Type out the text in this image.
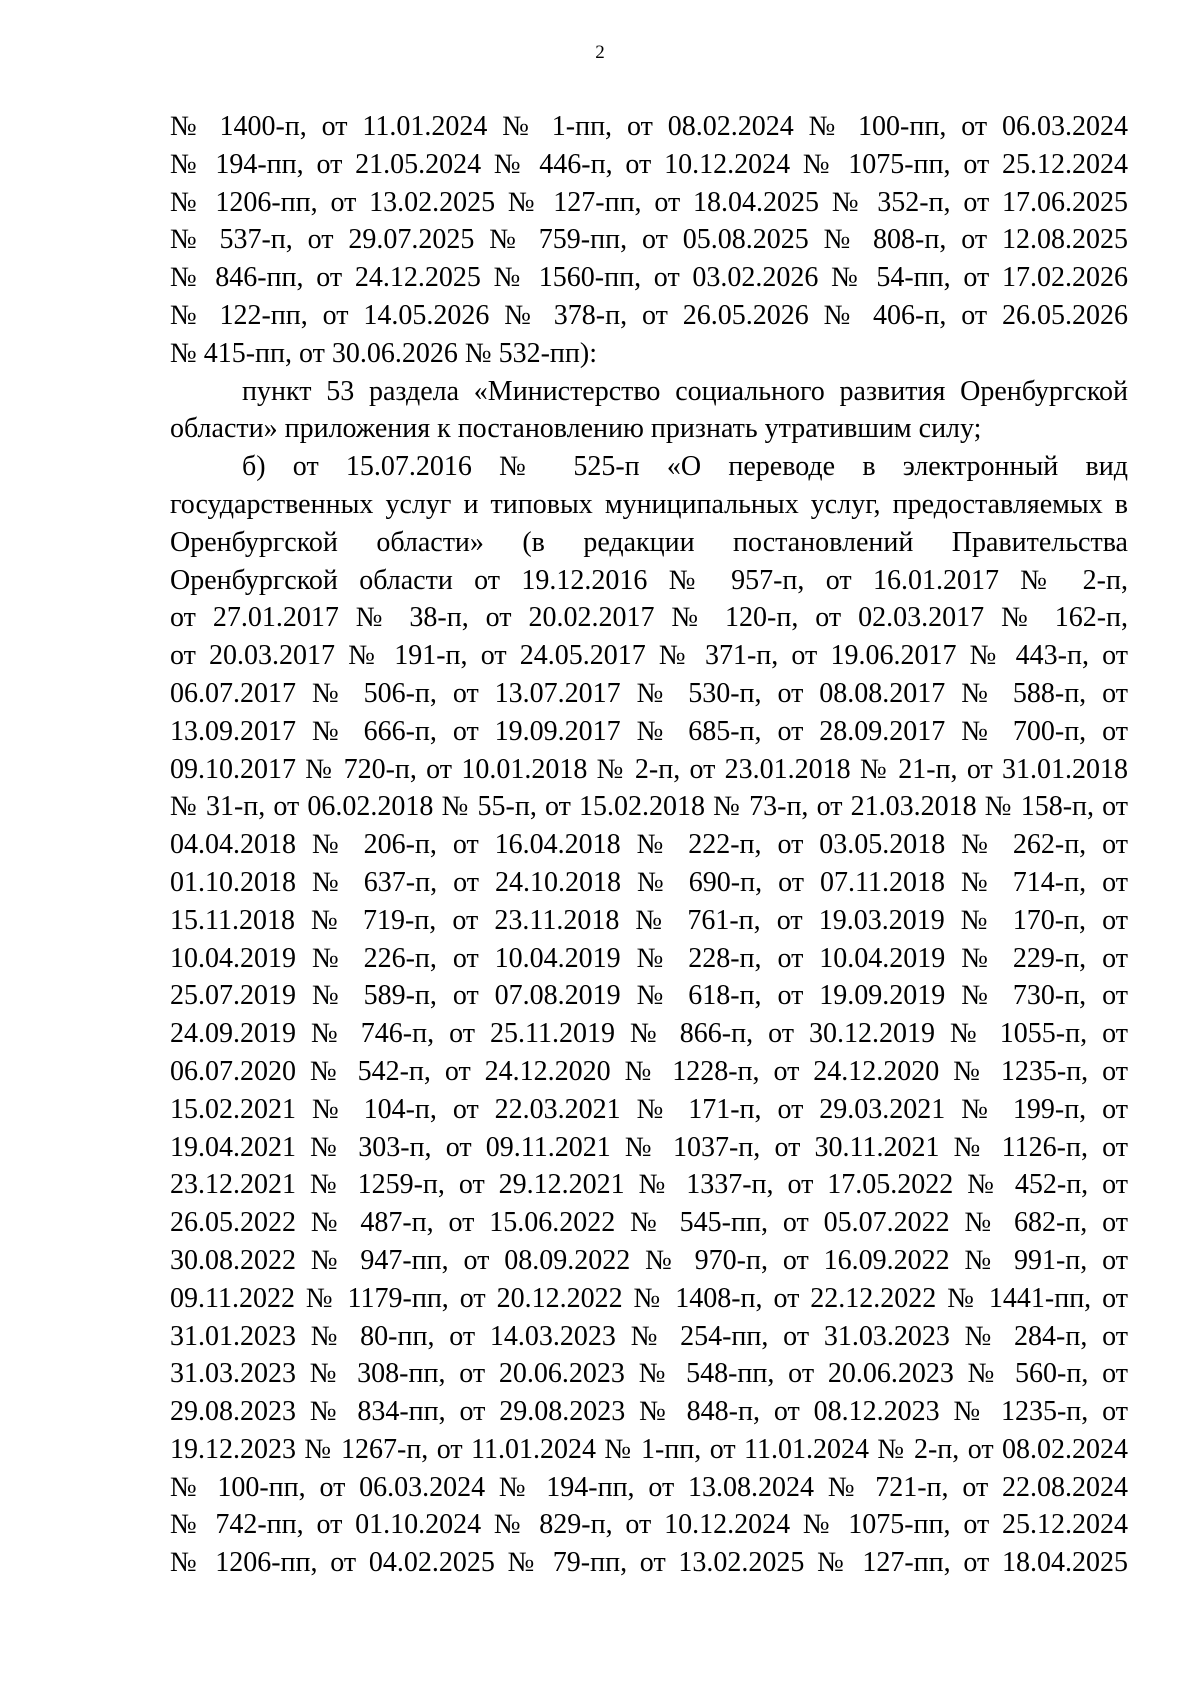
2
№ 1400-п, от 11.01.2024 № 1-пп, от 08.02.2024 № 100-пп, от 06.03.2024
№ 194-пп, от 21.05.2024 № 446-п, от 10.12.2024 № 1075-пп, от 25.12.2024
№ 1206-пп, от 13.02.2025 № 127-пп, от 18.04.2025 № 352-п, от 17.06.2025
№ 537-п, от 29.07.2025 № 759-пп, от 05.08.2025 № 808-п, от 12.08.2025
№ 846-пп, от 24.12.2025 № 1560-пп, от 03.02.2026 № 54-пп, от 17.02.2026
№ 122-пп, от 14.05.2026 № 378-п, от 26.05.2026 № 406-п, от 26.05.2026
№ 415-пп, от 30.06.2026 № 532-пп):
пункт 53 раздела «Министерство социального развития Оренбургской
области» приложения к постановлению признать утратившим силу;
б) от 15.07.2016 № 525-п «О переводе в электронный вид
государственных услуг и типовых муниципальных услуг, предоставляемых в
Оренбургской области» (в редакции постановлений Правительства
Оренбургской области от 19.12.2016 № 957-п, от 16.01.2017 № 2-п,
от 27.01.2017 № 38-п, от 20.02.2017 № 120-п, от 02.03.2017 № 162-п,
от 20.03.2017 № 191-п, от 24.05.2017 № 371-п, от 19.06.2017 № 443-п, от
06.07.2017 № 506-п, от 13.07.2017 № 530-п, от 08.08.2017 № 588-п, от
13.09.2017 № 666-п, от 19.09.2017 № 685-п, от 28.09.2017 № 700-п, от
09.10.2017 № 720-п, от 10.01.2018 № 2-п, от 23.01.2018 № 21-п, от 31.01.2018
№ 31-п, от 06.02.2018 № 55-п, от 15.02.2018 № 73-п, от 21.03.2018 № 158-п, от
04.04.2018 № 206-п, от 16.04.2018 № 222-п, от 03.05.2018 № 262-п, от
01.10.2018 № 637-п, от 24.10.2018 № 690-п, от 07.11.2018 № 714-п, от
15.11.2018 № 719-п, от 23.11.2018 № 761-п, от 19.03.2019 № 170-п, от
10.04.2019 № 226-п, от 10.04.2019 № 228-п, от 10.04.2019 № 229-п, от
25.07.2019 № 589-п, от 07.08.2019 № 618-п, от 19.09.2019 № 730-п, от
24.09.2019 № 746-п, от 25.11.2019 № 866-п, от 30.12.2019 № 1055-п, от
06.07.2020 № 542-п, от 24.12.2020 № 1228-п, от 24.12.2020 № 1235-п, от
15.02.2021 № 104-п, от 22.03.2021 № 171-п, от 29.03.2021 № 199-п, от
19.04.2021 № 303-п, от 09.11.2021 № 1037-п, от 30.11.2021 № 1126-п, от
23.12.2021 № 1259-п, от 29.12.2021 № 1337-п, от 17.05.2022 № 452-п, от
26.05.2022 № 487-п, от 15.06.2022 № 545-пп, от 05.07.2022 № 682-п, от
30.08.2022 № 947-пп, от 08.09.2022 № 970-п, от 16.09.2022 № 991-п, от
09.11.2022 № 1179-пп, от 20.12.2022 № 1408-п, от 22.12.2022 № 1441-пп, от
31.01.2023 № 80-пп, от 14.03.2023 № 254-пп, от 31.03.2023 № 284-п, от
31.03.2023 № 308-пп, от 20.06.2023 № 548-пп, от 20.06.2023 № 560-п, от
29.08.2023 № 834-пп, от 29.08.2023 № 848-п, от 08.12.2023 № 1235-п, от
19.12.2023 № 1267-п, от 11.01.2024 № 1-пп, от 11.01.2024 № 2-п, от 08.02.2024
№ 100-пп, от 06.03.2024 № 194-пп, от 13.08.2024 № 721-п, от 22.08.2024
№ 742-пп, от 01.10.2024 № 829-п, от 10.12.2024 № 1075-пп, от 25.12.2024
№ 1206-пп, от 04.02.2025 № 79-пп, от 13.02.2025 № 127-пп, от 18.04.2025
